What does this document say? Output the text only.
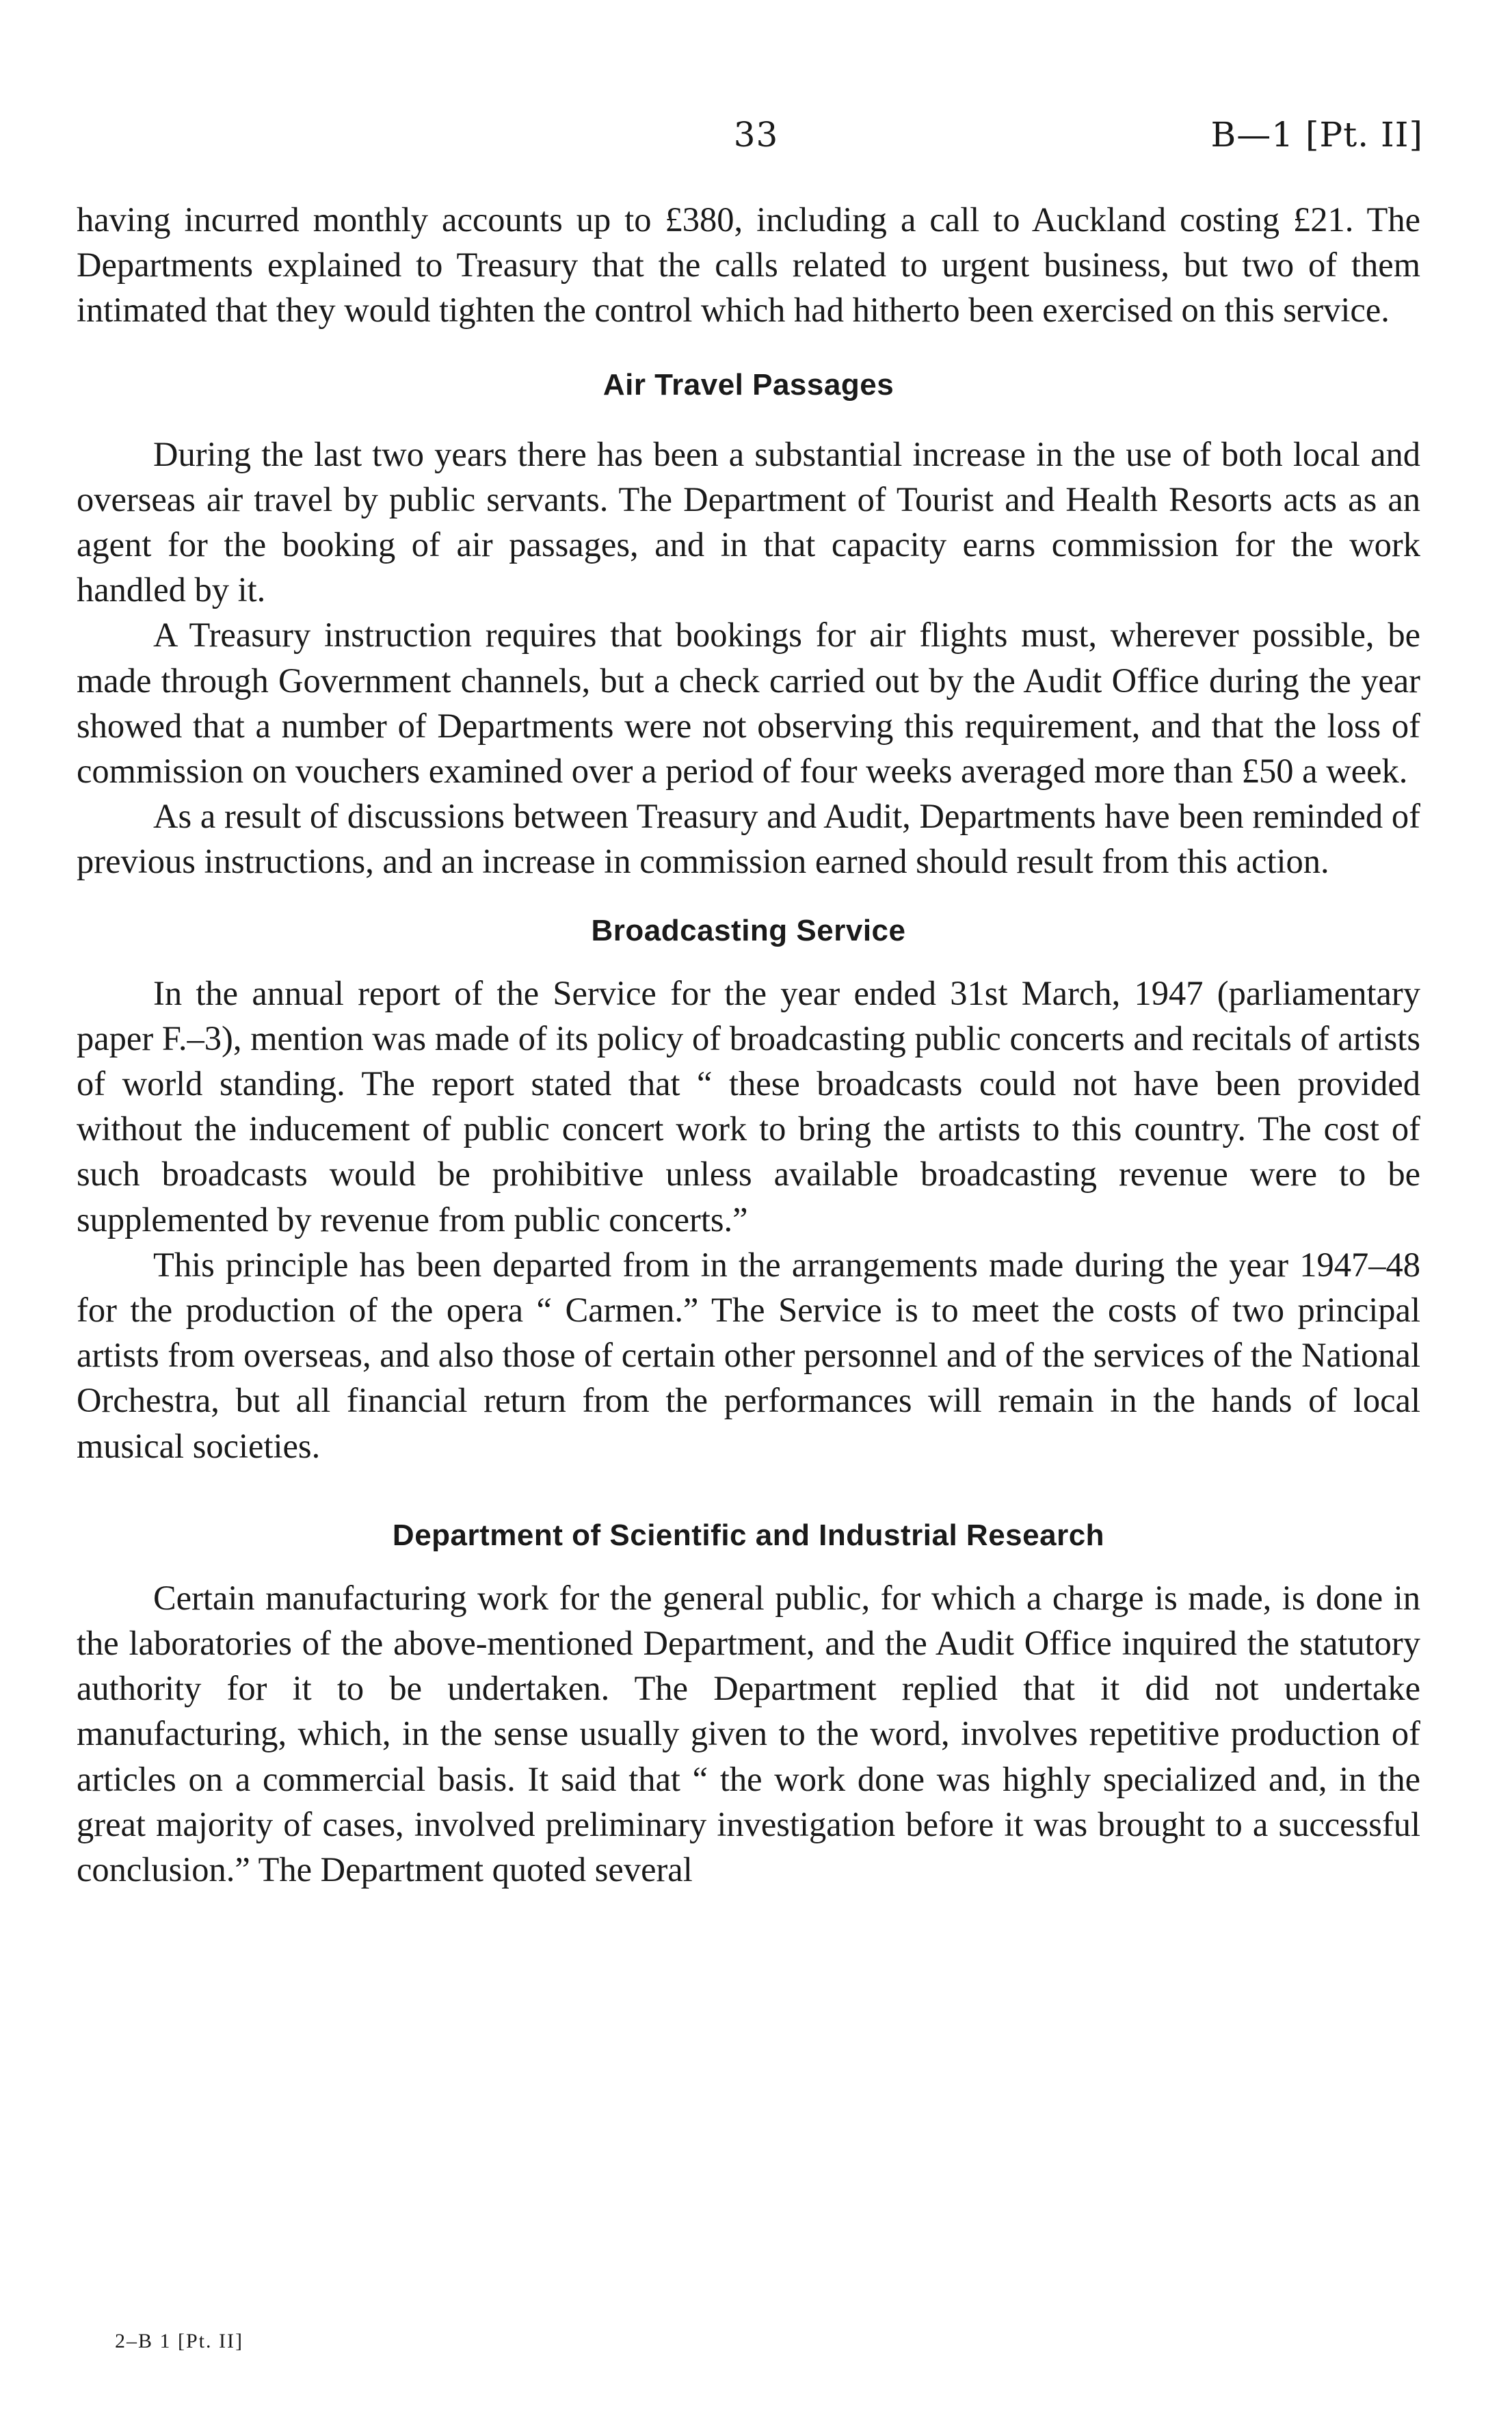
33	B—1 [Pt. II]

having incurred monthly accounts up to £380, including a call to Auckland costing £21. The Departments explained to Treasury that the calls related to urgent business, but two of them intimated that they would tighten the control which had hitherto been exercised on this service.

Air Travel Passages

During the last two years there has been a substantial increase in the use of both local and overseas air travel by public servants. The Department of Tourist and Health Resorts acts as an agent for the booking of air passages, and in that capacity earns commission for the work handled by it.

A Treasury instruction requires that bookings for air flights must, wherever possible, be made through Government channels, but a check carried out by the Audit Office during the year showed that a number of Departments were not observing this requirement, and that the loss of commission on vouchers examined over a period of four weeks averaged more than £50 a week.

As a result of discussions between Treasury and Audit, Departments have been reminded of previous instructions, and an increase in commission earned should result from this action.

Broadcasting Service

In the annual report of the Service for the year ended 31st March, 1947 (parliamentary paper F.–3), mention was made of its policy of broadcasting public concerts and recitals of artists of world standing. The report stated that “ these broadcasts could not have been provided without the inducement of public concert work to bring the artists to this country. The cost of such broadcasts would be prohibitive unless available broadcasting revenue were to be supplemented by revenue from public concerts.”

This principle has been departed from in the arrangements made during the year 1947–48 for the production of the opera “ Carmen.” The Service is to meet the costs of two principal artists from overseas, and also those of certain other personnel and of the services of the National Orchestra, but all financial return from the performances will remain in the hands of local musical societies.

Department of Scientific and Industrial Research

Certain manufacturing work for the general public, for which a charge is made, is done in the laboratories of the above-mentioned Department, and the Audit Office inquired the statutory authority for it to be undertaken. The Department replied that it did not undertake manufacturing, which, in the sense usually given to the word, involves repetitive production of articles on a commercial basis. It said that “ the work done was highly specialized and, in the great majority of cases, involved preliminary investigation before it was brought to a successful conclusion.” The Department quoted several

2–B 1 [Pt. II]
